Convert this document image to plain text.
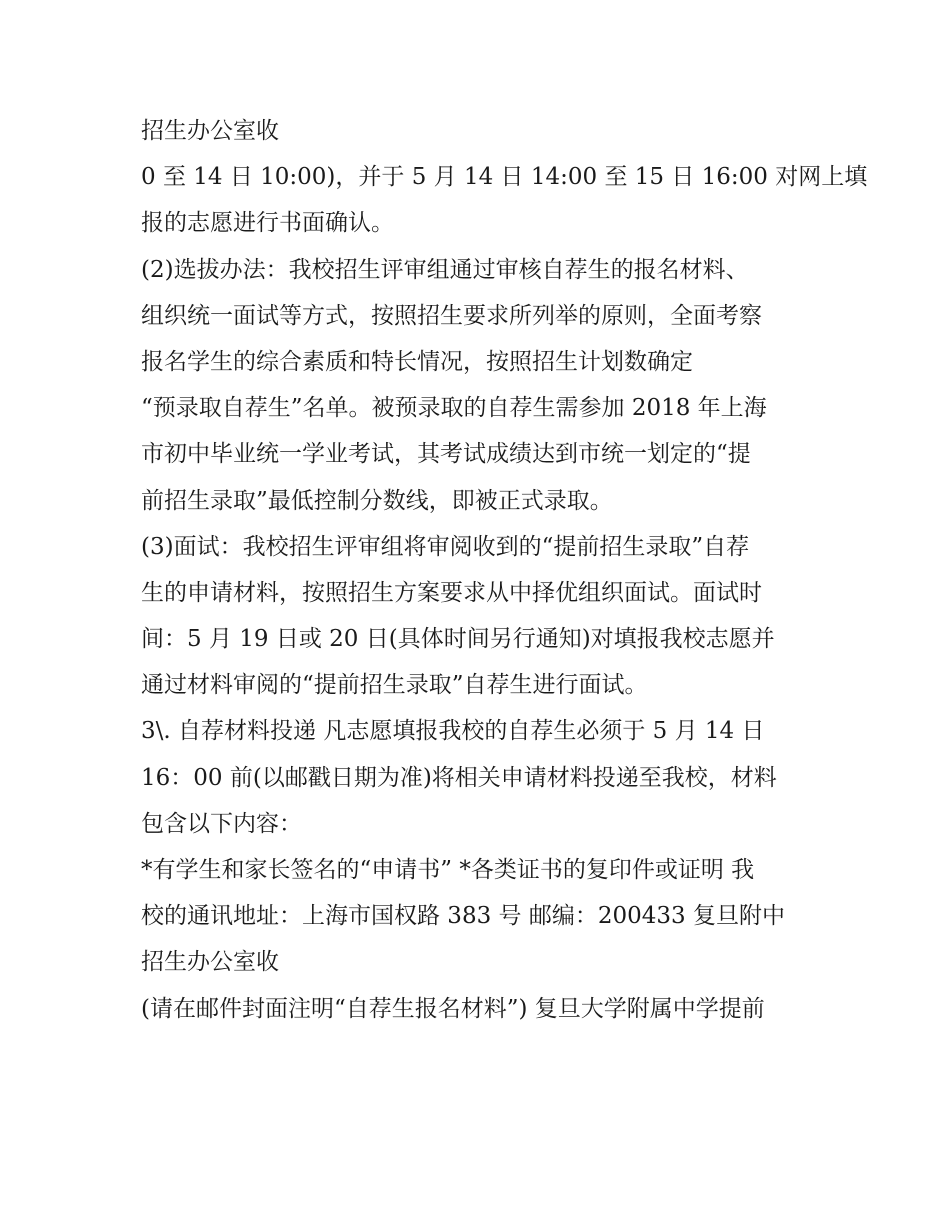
招生办公室收
0 至 14 日 10:00)，并于 5 月 14 日 14:00 至 15 日 16:00 对网上填
报的志愿进行书面确认。
(2)选拔办法：我校招生评审组通过审核自荐生的报名材料、
组织统一面试等方式，按照招生要求所列举的原则，全面考察
报名学生的综合素质和特长情况，按照招生计划数确定
“预录取自荐生”名单。被预录取的自荐生需参加 2018 年上海
市初中毕业统一学业考试，其考试成绩达到市统一划定的“提
前招生录取”最低控制分数线，即被正式录取。
(3)面试：我校招生评审组将审阅收到的“提前招生录取”自荐
生的申请材料，按照招生方案要求从中择优组织面试。面试时
间：5 月 19 日或 20 日(具体时间另行通知)对填报我校志愿并
通过材料审阅的“提前招生录取”自荐生进行面试。
3\. 自荐材料投递 凡志愿填报我校的自荐生必须于 5 月 14 日
16：00 前(以邮戳日期为准)将相关申请材料投递至我校，材料
包含以下内容：
*有学生和家长签名的“申请书” *各类证书的复印件或证明 我
校的通讯地址：上海市国权路 383 号 邮编：200433 复旦附中
招生办公室收
(请在邮件封面注明“自荐生报名材料”) 复旦大学附属中学提前
